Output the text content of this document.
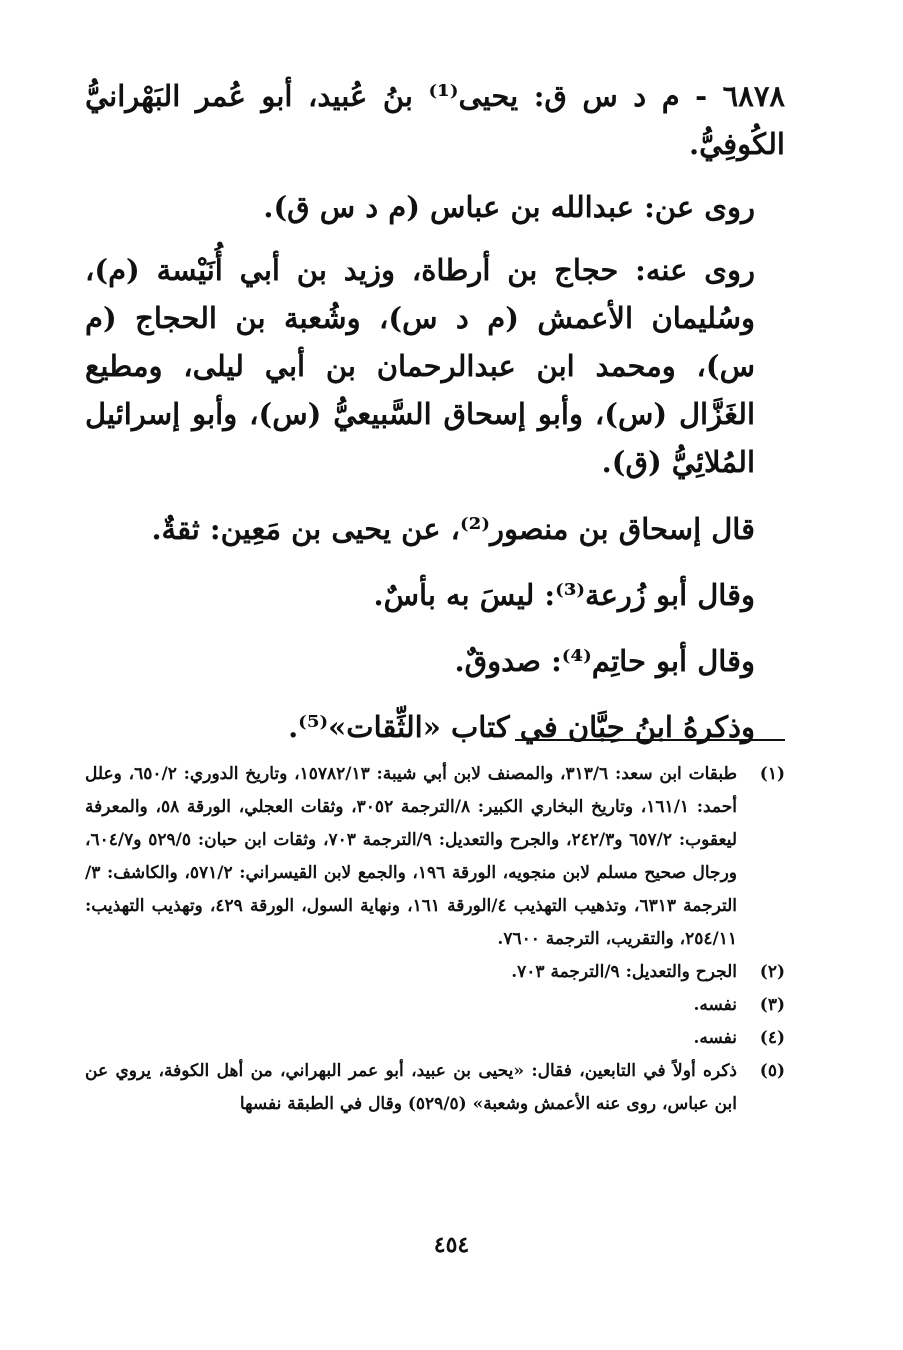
٦٨٧٨ - م د س ق: يحيى⁽¹⁾ بنُ عُبيد، أبو عُمر البَهْرانيُّ الكُوفِيُّ.

روى عن: عبدالله بن عباس (م د س ق).

روى عنه: حجاج بن أرطاة، وزيد بن أبي أُنَيْسة (م)، وسُليمان الأعمش (م د س)، وشُعبة بن الحجاج (م س)، ومحمد ابن عبدالرحمان بن أبي ليلى، ومطيع الغَزَّال (س)، وأبو إسحاق السَّبيعيُّ (س)، وأبو إسرائيل المُلائِيُّ (ق).

قال إسحاق بن منصور⁽²⁾، عن يحيى بن مَعِين: ثقةٌ.

وقال أبو زُرعة⁽³⁾: ليسَ به بأسٌ.

وقال أبو حاتِم⁽⁴⁾: صدوقٌ.

وذكرهُ ابنُ حِبَّان في كتاب «الثِّقات»⁽⁵⁾.

(١)
طبقات ابن سعد: ٣١٣/٦، والمصنف لابن أبي شيبة: ١٥٧٨٢/١٣، وتاريخ الدوري: ٦٥٠/٢، وعلل أحمد: ١٦١/١، وتاريخ البخاري الكبير: ٨/الترجمة ٣٠٥٢، وثقات العجلي، الورقة ٥٨، والمعرفة ليعقوب: ٦٥٧/٢ و٢٤٢/٣، والجرح والتعديل: ٩/الترجمة ٧٠٣، وثقات ابن حبان: ٥٢٩/٥ و٦٠٤/٧، ورجال صحيح مسلم لابن منجويه، الورقة ١٩٦، والجمع لابن القيسراني: ٥٧١/٢، والكاشف: ٣/ الترجمة ٦٣١٣، وتذهيب التهذيب ٤/الورقة ١٦١، ونهاية السول، الورقة ٤٢٩، وتهذيب التهذيب: ٢٥٤/١١، والتقريب، الترجمة ٧٦٠٠.
(٢)
الجرح والتعديل: ٩/الترجمة ٧٠٣.
(٣)
نفسه.
(٤)
نفسه.
(٥)
ذكره أولاً في التابعين، فقال: «يحيى بن عبيد، أبو عمر البهراني، من أهل الكوفة، يروي عن ابن عباس، روى عنه الأعمش وشعبة» (٥٢٩/٥) وقال في الطبقة نفسها
٤٥٤
